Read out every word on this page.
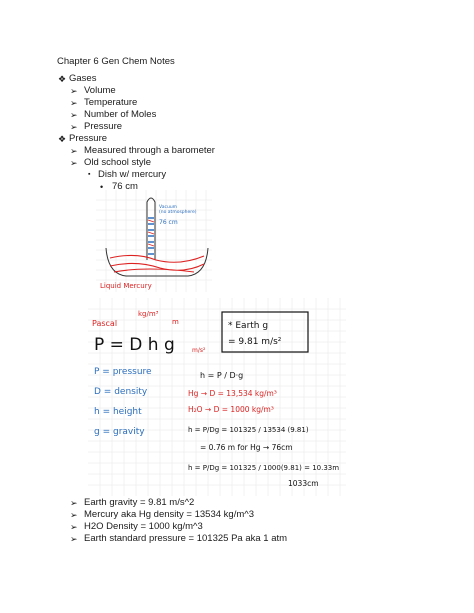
Chapter 6 Gen Chem Notes
❖ Gases
➢ Volume
➢ Temperature
➢ Number of Moles
➢ Pressure
❖ Pressure
➢ Measured through a barometer
➢ Old school style
▪ Dish w/ mercury
• 76 cm
Vacuum
(no atmosphere)
76 cm
Liquid Mercury
Pascal
kg/m³
m
m/s²
P = D h g
* Earth g
= 9.81 m/s²
P = pressure
D = density
h = height
g = gravity
h = P / D·g
Hg → D = 13,534 kg/m³
H₂O → D = 1000 kg/m³
h = P/Dg = 101325 / 13534 (9.81)
= 0.76 m for Hg → 76cm
h = P/Dg = 101325 / 1000(9.81) = 10.33m
1033cm
➢ Earth gravity = 9.81 m/s^2
➢ Mercury aka Hg density = 13534 kg/m^3
➢ H2O Density = 1000 kg/m^3
➢ Earth standard pressure = 101325 Pa aka 1 atm
